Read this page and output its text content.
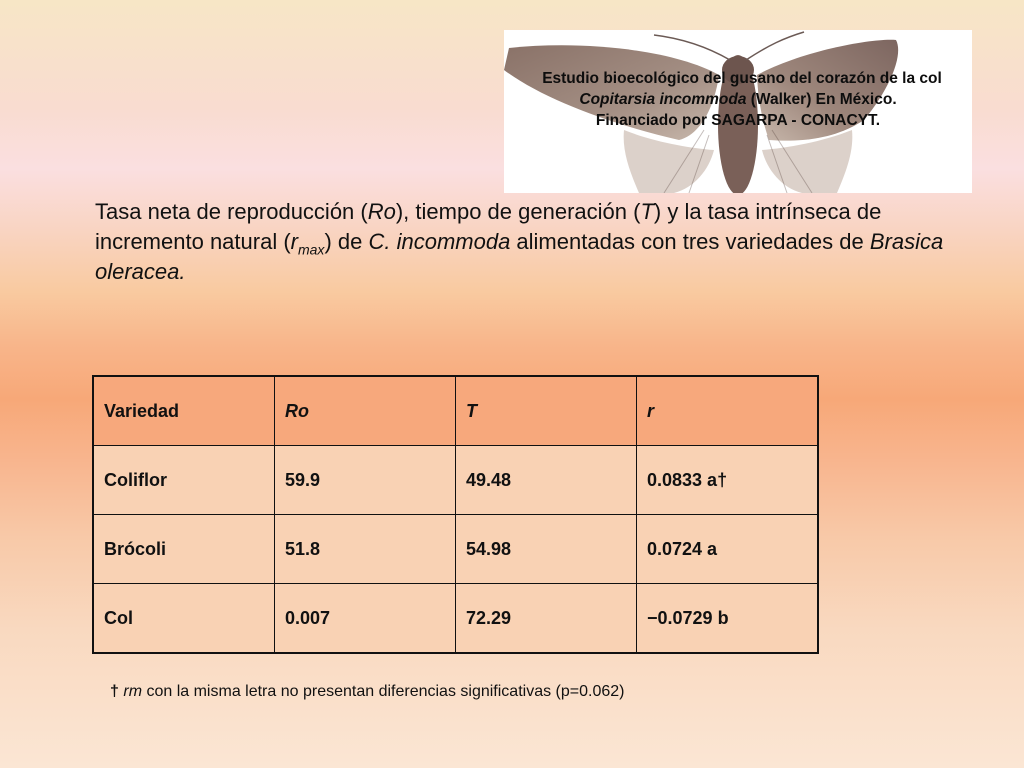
Estudio bioecológico del gusano del corazón de la col
Copitarsia incommoda (Walker) En México.
Financiado por SAGARPA - CONACYT.
Tasa neta de reproducción (Ro), tiempo de generación (T) y la tasa intrínseca de incremento natural $(r_{max})$ de C. incommoda alimentadas con tres variedades de Brasica oleracea.
Variedad	Ro	T	r
Coliflor	59.9	49.48	0.0833 a†
Brócoli	51.8	54.98	0.0724 a
Col	0.007	72.29	−0.0729 b
† rm con la misma letra no presentan diferencias significativas (p=0.062)
